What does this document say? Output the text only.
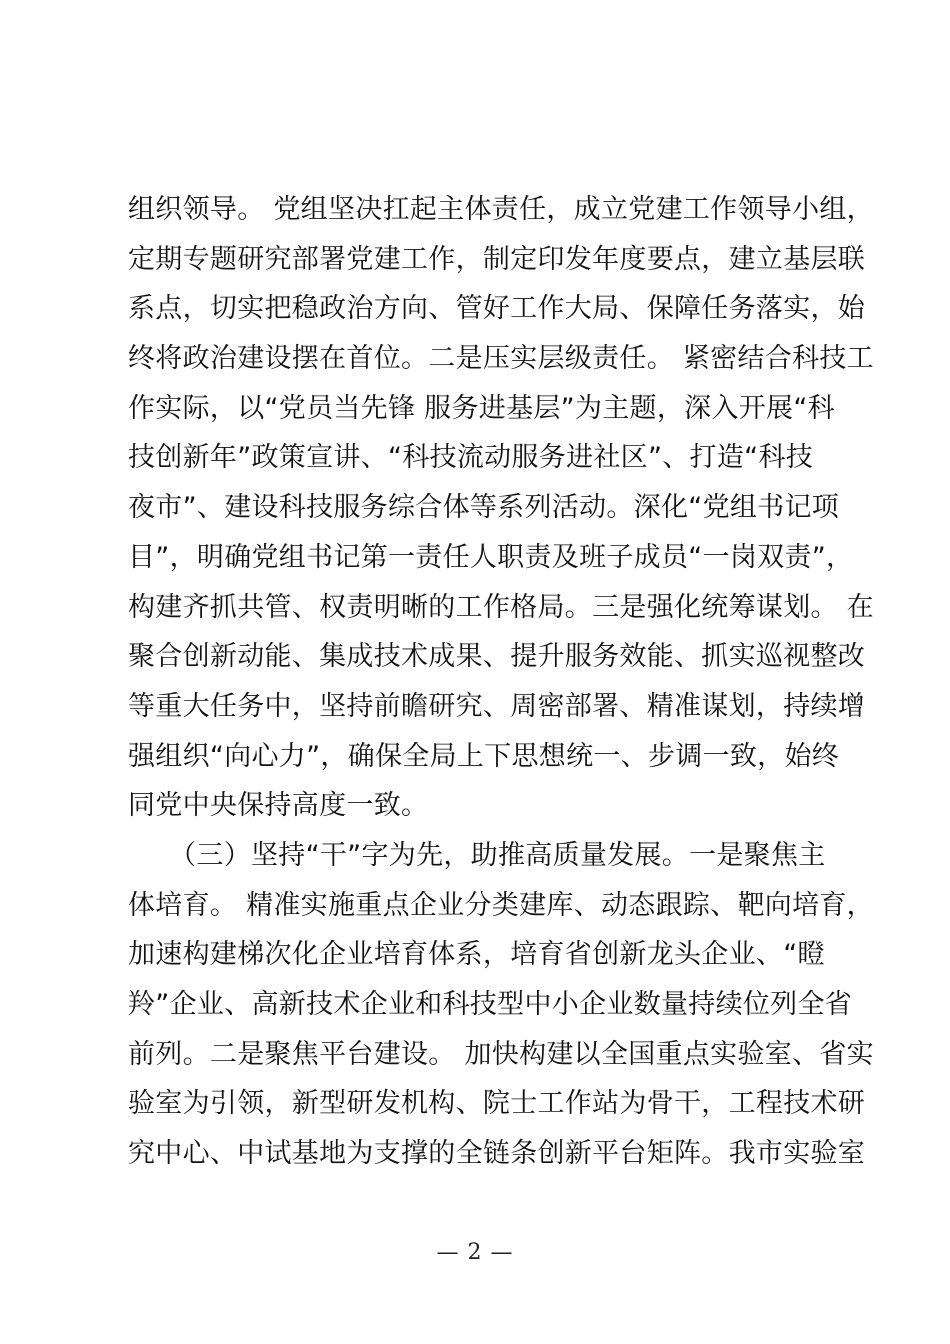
组织领导。 党组坚决扛起主体责任，成立党建工作领导小组，
定期专题研究部署党建工作，制定印发年度要点，建立基层联
系点，切实把稳政治方向、管好工作大局、保障任务落实，始
终将政治建设摆在首位。二是压实层级责任。 紧密结合科技工
作实际，以“党员当先锋 服务进基层”为主题，深入开展“科
技创新年”政策宣讲、“科技流动服务进社区”、打造“科技
夜市”、建设科技服务综合体等系列活动。深化“党组书记项
目”，明确党组书记第一责任人职责及班子成员“一岗双责”，
构建齐抓共管、权责明晰的工作格局。三是强化统筹谋划。 在
聚合创新动能、集成技术成果、提升服务效能、抓实巡视整改
等重大任务中，坚持前瞻研究、周密部署、精准谋划，持续增
强组织“向心力”，确保全局上下思想统一、步调一致，始终
同党中央保持高度一致。
　　（三）坚持“干”字为先，助推高质量发展。一是聚焦主
体培育。 精准实施重点企业分类建库、动态跟踪、靶向培育，
加速构建梯次化企业培育体系，培育省创新龙头企业、“瞪
羚”企业、高新技术企业和科技型中小企业数量持续位列全省
前列。二是聚焦平台建设。 加快构建以全国重点实验室、省实
验室为引领，新型研发机构、院士工作站为骨干，工程技术研
究中心、中试基地为支撑的全链条创新平台矩阵。我市实验室
— 2 —
